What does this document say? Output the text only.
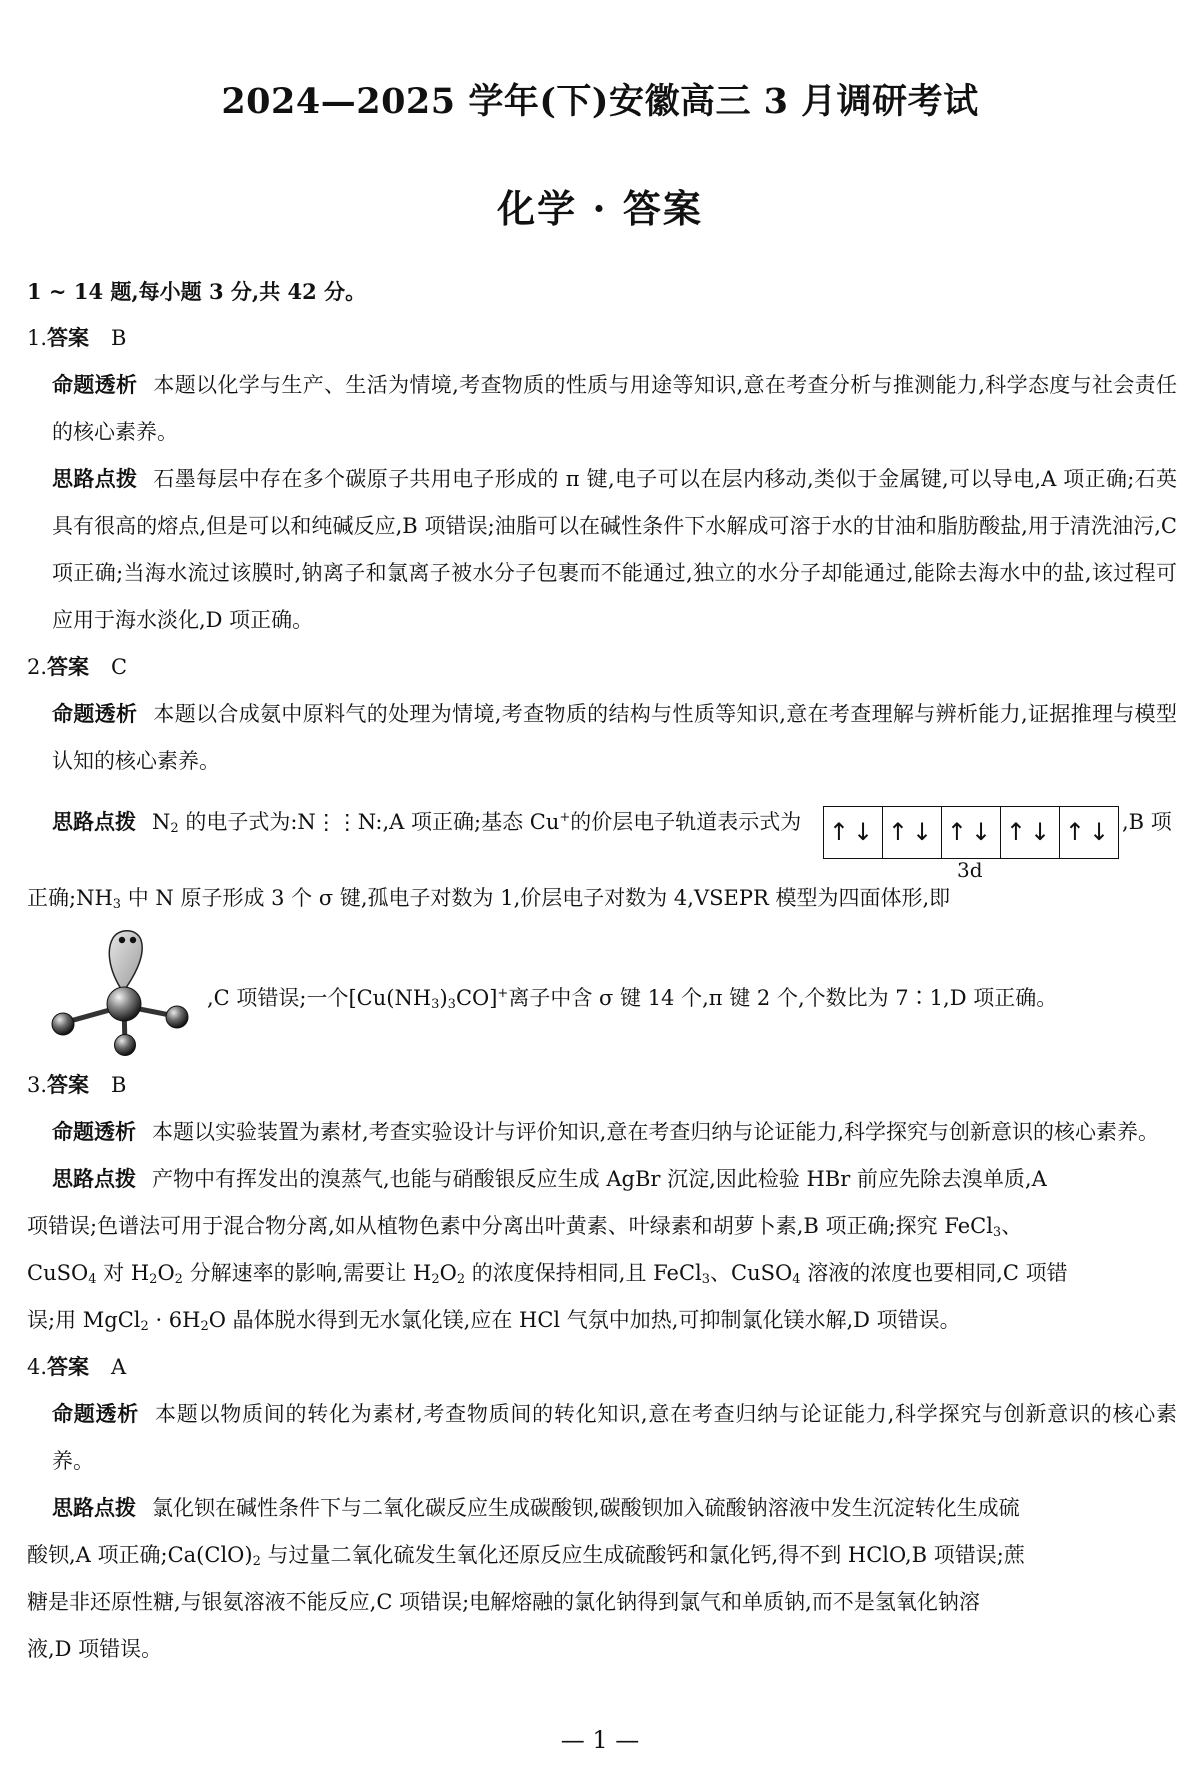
2024—2025 学年(下)安徽高三 3 月调研考试
化学 · 答案
1 ~ 14 题,每小题 3 分,共 42 分。
1.答案 B
命题透析 本题以化学与生产、生活为情境,考查物质的性质与用途等知识,意在考查分析与推测能力,科学态度与社会责任的核心素养。
思路点拨 石墨每层中存在多个碳原子共用电子形成的 π 键,电子可以在层内移动,类似于金属键,可以导电,A 项正确;石英具有很高的熔点,但是可以和纯碱反应,B 项错误;油脂可以在碱性条件下水解成可溶于水的甘油和脂肪酸盐,用于清洗油污,C 项正确;当海水流过该膜时,钠离子和氯离子被水分子包裹而不能通过,独立的水分子却能通过,能除去海水中的盐,该过程可应用于海水淡化,D 项正确。
2.答案 C
命题透析 本题以合成氨中原料气的处理为情境,考查物质的结构与性质等知识,意在考查理解与辨析能力,证据推理与模型认知的核心素养。
思路点拨 $N_2$ 的电子式为:N⋮⋮N:,A 项正确;基态 Cu+的价层电子轨道表示式为 ↑↓ ↑↓ ↑↓ ↑↓ ↑↓ ,B 项
3d
正确$;NH_3$ 中 N 原子形成 3 个 σ 键,孤电子对数为 1,价层电子对数为 4,VSEPR 模型为四面体形,即
,C 项错误;一个$[Cu(NH_3)_3CO]^+$离子中含 σ 键 14 个,π 键 2 个,个数比为 7∶1,D 项正确。
3.答案 B
命题透析 本题以实验装置为素材,考查实验设计与评价知识,意在考查归纳与论证能力,科学探究与创新意识的核心素养。
思路点拨 产物中有挥发出的溴蒸气,也能与硝酸银反应生成 AgBr 沉淀,因此检验 HBr 前应先除去溴单质,A
项错误;色谱法可用于混合物分离,如从植物色素中分离出叶黄素、叶绿素和胡萝卜素,B 项正确;探究 FeCl$_3$、
CuSO$_4$ 对 $H_2O_2$ 分解速率的影响,需要让 $H_2O_2$ 的浓度保持相同,且 FeCl$_3$、CuSO$_4$ 溶液的浓度也要相同,C 项错
误;用 MgCl$_2$ · $6H_2O$ 晶体脱水得到无水氯化镁,应在 HCl 气氛中加热,可抑制氯化镁水解,D 项错误。
4.答案 A
命题透析 本题以物质间的转化为素材,考查物质间的转化知识,意在考查归纳与论证能力,科学探究与创新意识的核心素养。
思路点拨 氯化钡在碱性条件下与二氧化碳反应生成碳酸钡,碳酸钡加入硫酸钠溶液中发生沉淀转化生成硫
酸钡,A 项正确$;Ca(ClO)_2$ 与过量二氧化硫发生氧化还原反应生成硫酸钙和氯化钙,得不到 HClO,B 项错误;蔗
糖是非还原性糖,与银氨溶液不能反应,C 项错误;电解熔融的氯化钠得到氯气和单质钠,而不是氢氧化钠溶
液,D 项错误。
— 1 —
